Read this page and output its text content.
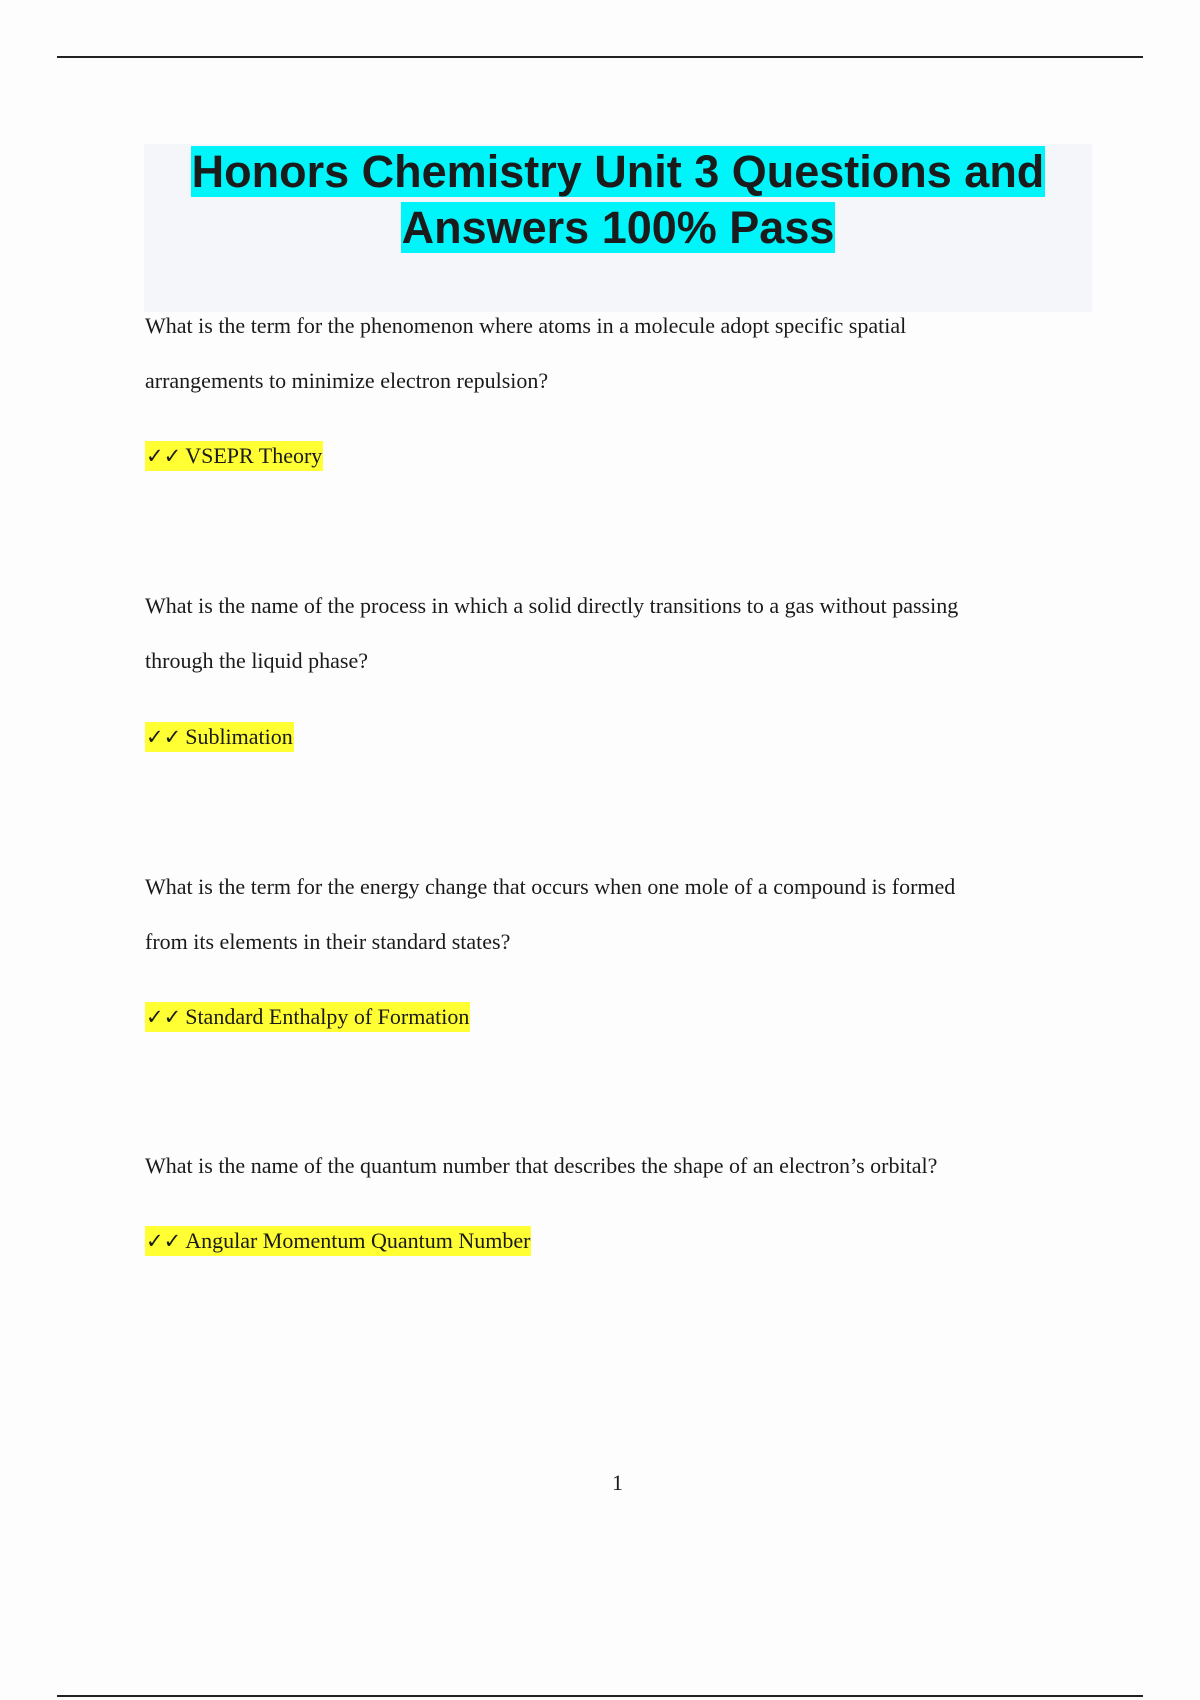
Honors Chemistry Unit 3 Questions and
Answers 100% Pass

What is the term for the phenomenon where atoms in a molecule adopt specific spatial

arrangements to minimize electron repulsion?

✓✓ VSEPR Theory

What is the name of the process in which a solid directly transitions to a gas without passing

through the liquid phase?

✓✓ Sublimation

What is the term for the energy change that occurs when one mole of a compound is formed

from its elements in their standard states?

✓✓ Standard Enthalpy of Formation

What is the name of the quantum number that describes the shape of an electron’s orbital?

✓✓ Angular Momentum Quantum Number
1
